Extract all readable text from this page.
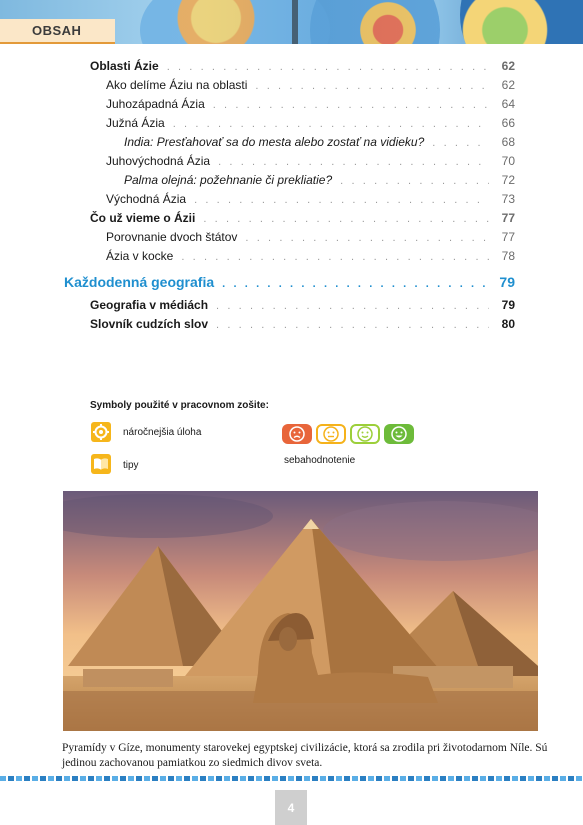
OBSAH
Oblasti Ázie . . .	62
Ako delíme Áziu na oblasti . . .	62
Juhozápadná Ázia . . .	64
Južná Ázia . . .	66
India: Presťahovať sa do mesta alebo zostať na vidieku? . . .	68
Juhovýchodná Ázia . . .	70
Palma olejná: požehnanie či prekliatie? . . .	72
Východná Ázia . . .	73
Čo už vieme o Ázii . . .	77
Porovnanie dvoch štátov . . .	77
Ázia v kocke . . .	78
Každodenná geografia . . .	79
Geografia v médiách . . .	79
Slovník cudzích slov . . .	80
Symboly použité v pracovnom zošite:
náročnejšia úloha
tipy	sebahodnotenie
Pyramídy v Gíze, monumenty starovekej egyptskej civilizácie, ktorá sa zrodila pri životodarnom Níle. Sú jedinou zachovanou pamiatkou zo siedmich divov sveta.
4
